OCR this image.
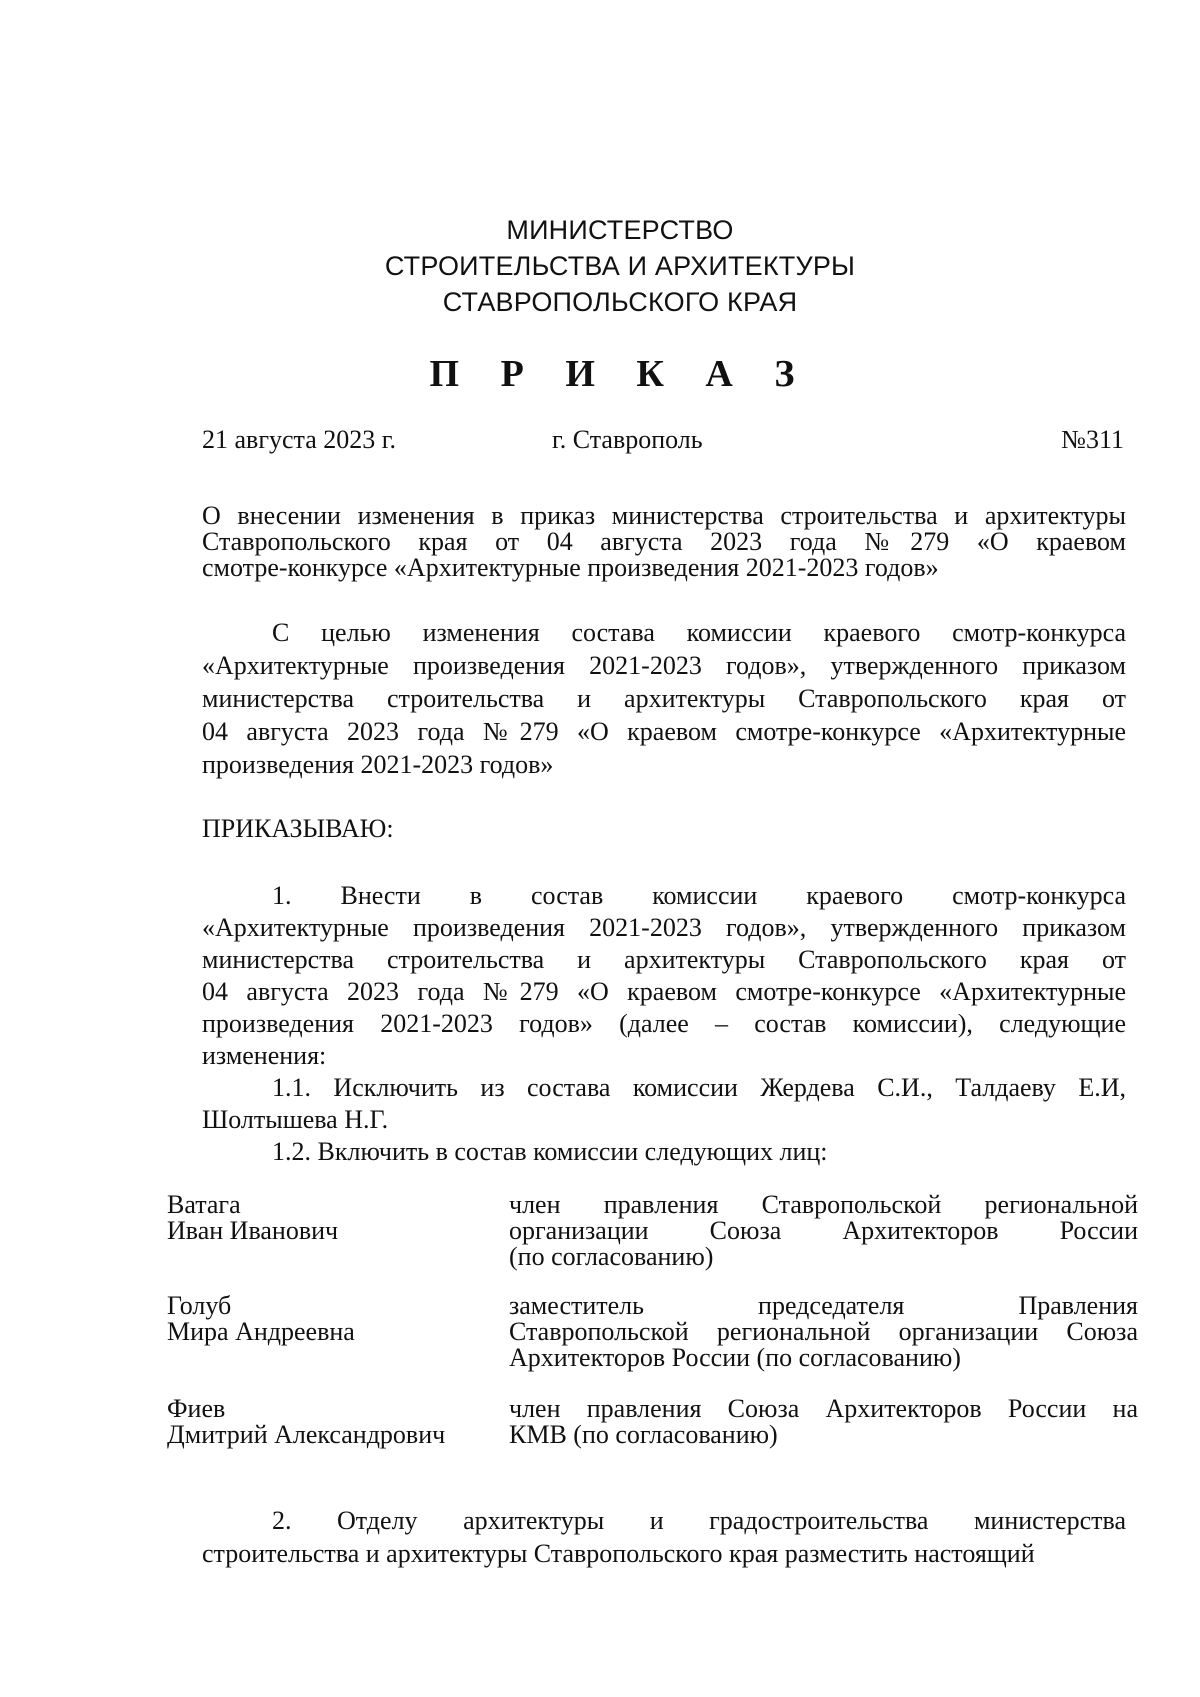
МИНИСТЕРСТВО
СТРОИТЕЛЬСТВА И АРХИТЕКТУРЫ
СТАВРОПОЛЬСКОГО КРАЯ
П Р И К А З
21 августа 2023 г.	г. Ставрополь	№311
О внесении изменения в приказ министерства строительства и архитектуры
Ставропольского края от 04 августа 2023 года №279 «О краевом
смотре-конкурсе «Архитектурные произведения 2021-2023 годов»
С целью изменения состава комиссии краевого смотр-конкурса
«Архитектурные произведения 2021-2023 годов», утвержденного приказом
министерства строительства и архитектуры Ставропольского края от
04 августа 2023 года №279 «О краевом смотре-конкурсе «Архитектурные
произведения 2021-2023 годов»
ПРИКАЗЫВАЮ:
1. Внести в состав комиссии краевого смотр-конкурса
«Архитектурные произведения 2021-2023 годов», утвержденного приказом
министерства строительства и архитектуры Ставропольского края от
04 августа 2023 года №279 «О краевом смотре-конкурсе «Архитектурные
произведения 2021-2023 годов» (далее – состав комиссии), следующие
изменения:
1.1. Исключить из состава комиссии Жердева С.И., Талдаеву Е.И,
Шолтышева Н.Г.
1.2. Включить в состав комиссии следующих лиц:
Ватага
Иван Иванович
член правления Ставропольской региональной
организации Союза Архитекторов России
(по согласованию)
Голуб
Мира Андреевна
заместитель председателя Правления
Ставропольской региональной организации Союза
Архитекторов России (по согласованию)
Фиев
Дмитрий Александрович
член правления Союза Архитекторов России на
КМВ (по согласованию)
2. Отделу архитектуры и градостроительства министерства
строительства и архитектуры Ставропольского края разместить настоящий
